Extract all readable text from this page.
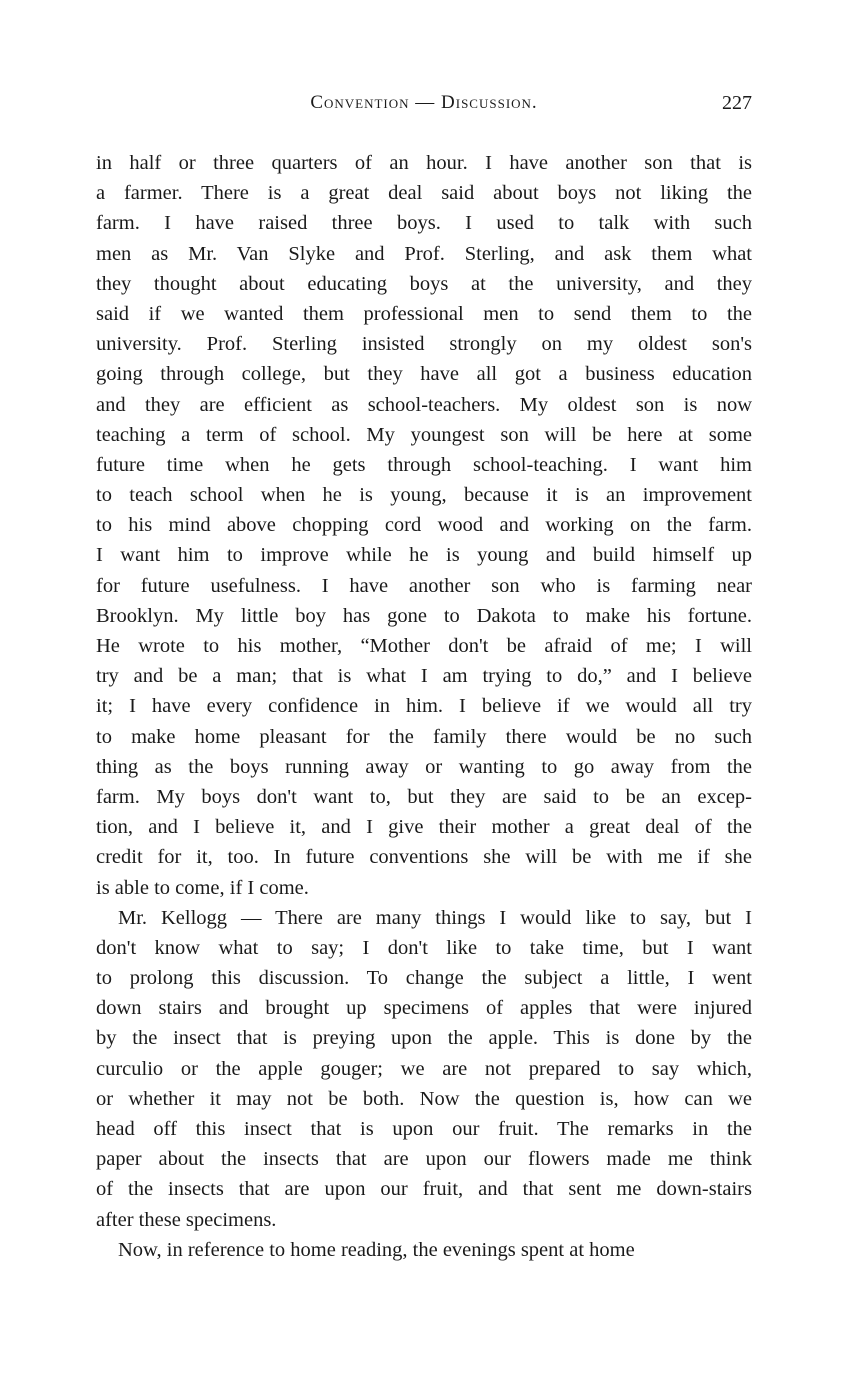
Convention — Discussion.	227
in half or three quarters of an hour. I have another son that is
a farmer. There is a great deal said about boys not liking the
farm. I have raised three boys. I used to talk with such
men as Mr. Van Slyke and Prof. Sterling, and ask them what
they thought about educating boys at the university, and they
said if we wanted them professional men to send them to the
university. Prof. Sterling insisted strongly on my oldest son's
going through college, but they have all got a business education
and they are efficient as school-teachers. My oldest son is now
teaching a term of school. My youngest son will be here at some
future time when he gets through school-teaching. I want him
to teach school when he is young, because it is an improvement
to his mind above chopping cord wood and working on the farm.
I want him to improve while he is young and build himself up
for future usefulness. I have another son who is farming near
Brooklyn. My little boy has gone to Dakota to make his fortune.
He wrote to his mother, “Mother don't be afraid of me; I will
try and be a man; that is what I am trying to do,” and I believe
it; I have every confidence in him. I believe if we would all try
to make home pleasant for the family there would be no such
thing as the boys running away or wanting to go away from the
farm. My boys don't want to, but they are said to be an excep-
tion, and I believe it, and I give their mother a great deal of the
credit for it, too. In future conventions she will be with me if she
is able to come, if I come.
Mr. Kellogg — There are many things I would like to say, but I
don't know what to say; I don't like to take time, but I want
to prolong this discussion. To change the subject a little, I went
down stairs and brought up specimens of apples that were injured
by the insect that is preying upon the apple. This is done by the
curculio or the apple gouger; we are not prepared to say which,
or whether it may not be both. Now the question is, how can we
head off this insect that is upon our fruit. The remarks in the
paper about the insects that are upon our flowers made me think
of the insects that are upon our fruit, and that sent me down-stairs
after these specimens.
Now, in reference to home reading, the evenings spent at home
